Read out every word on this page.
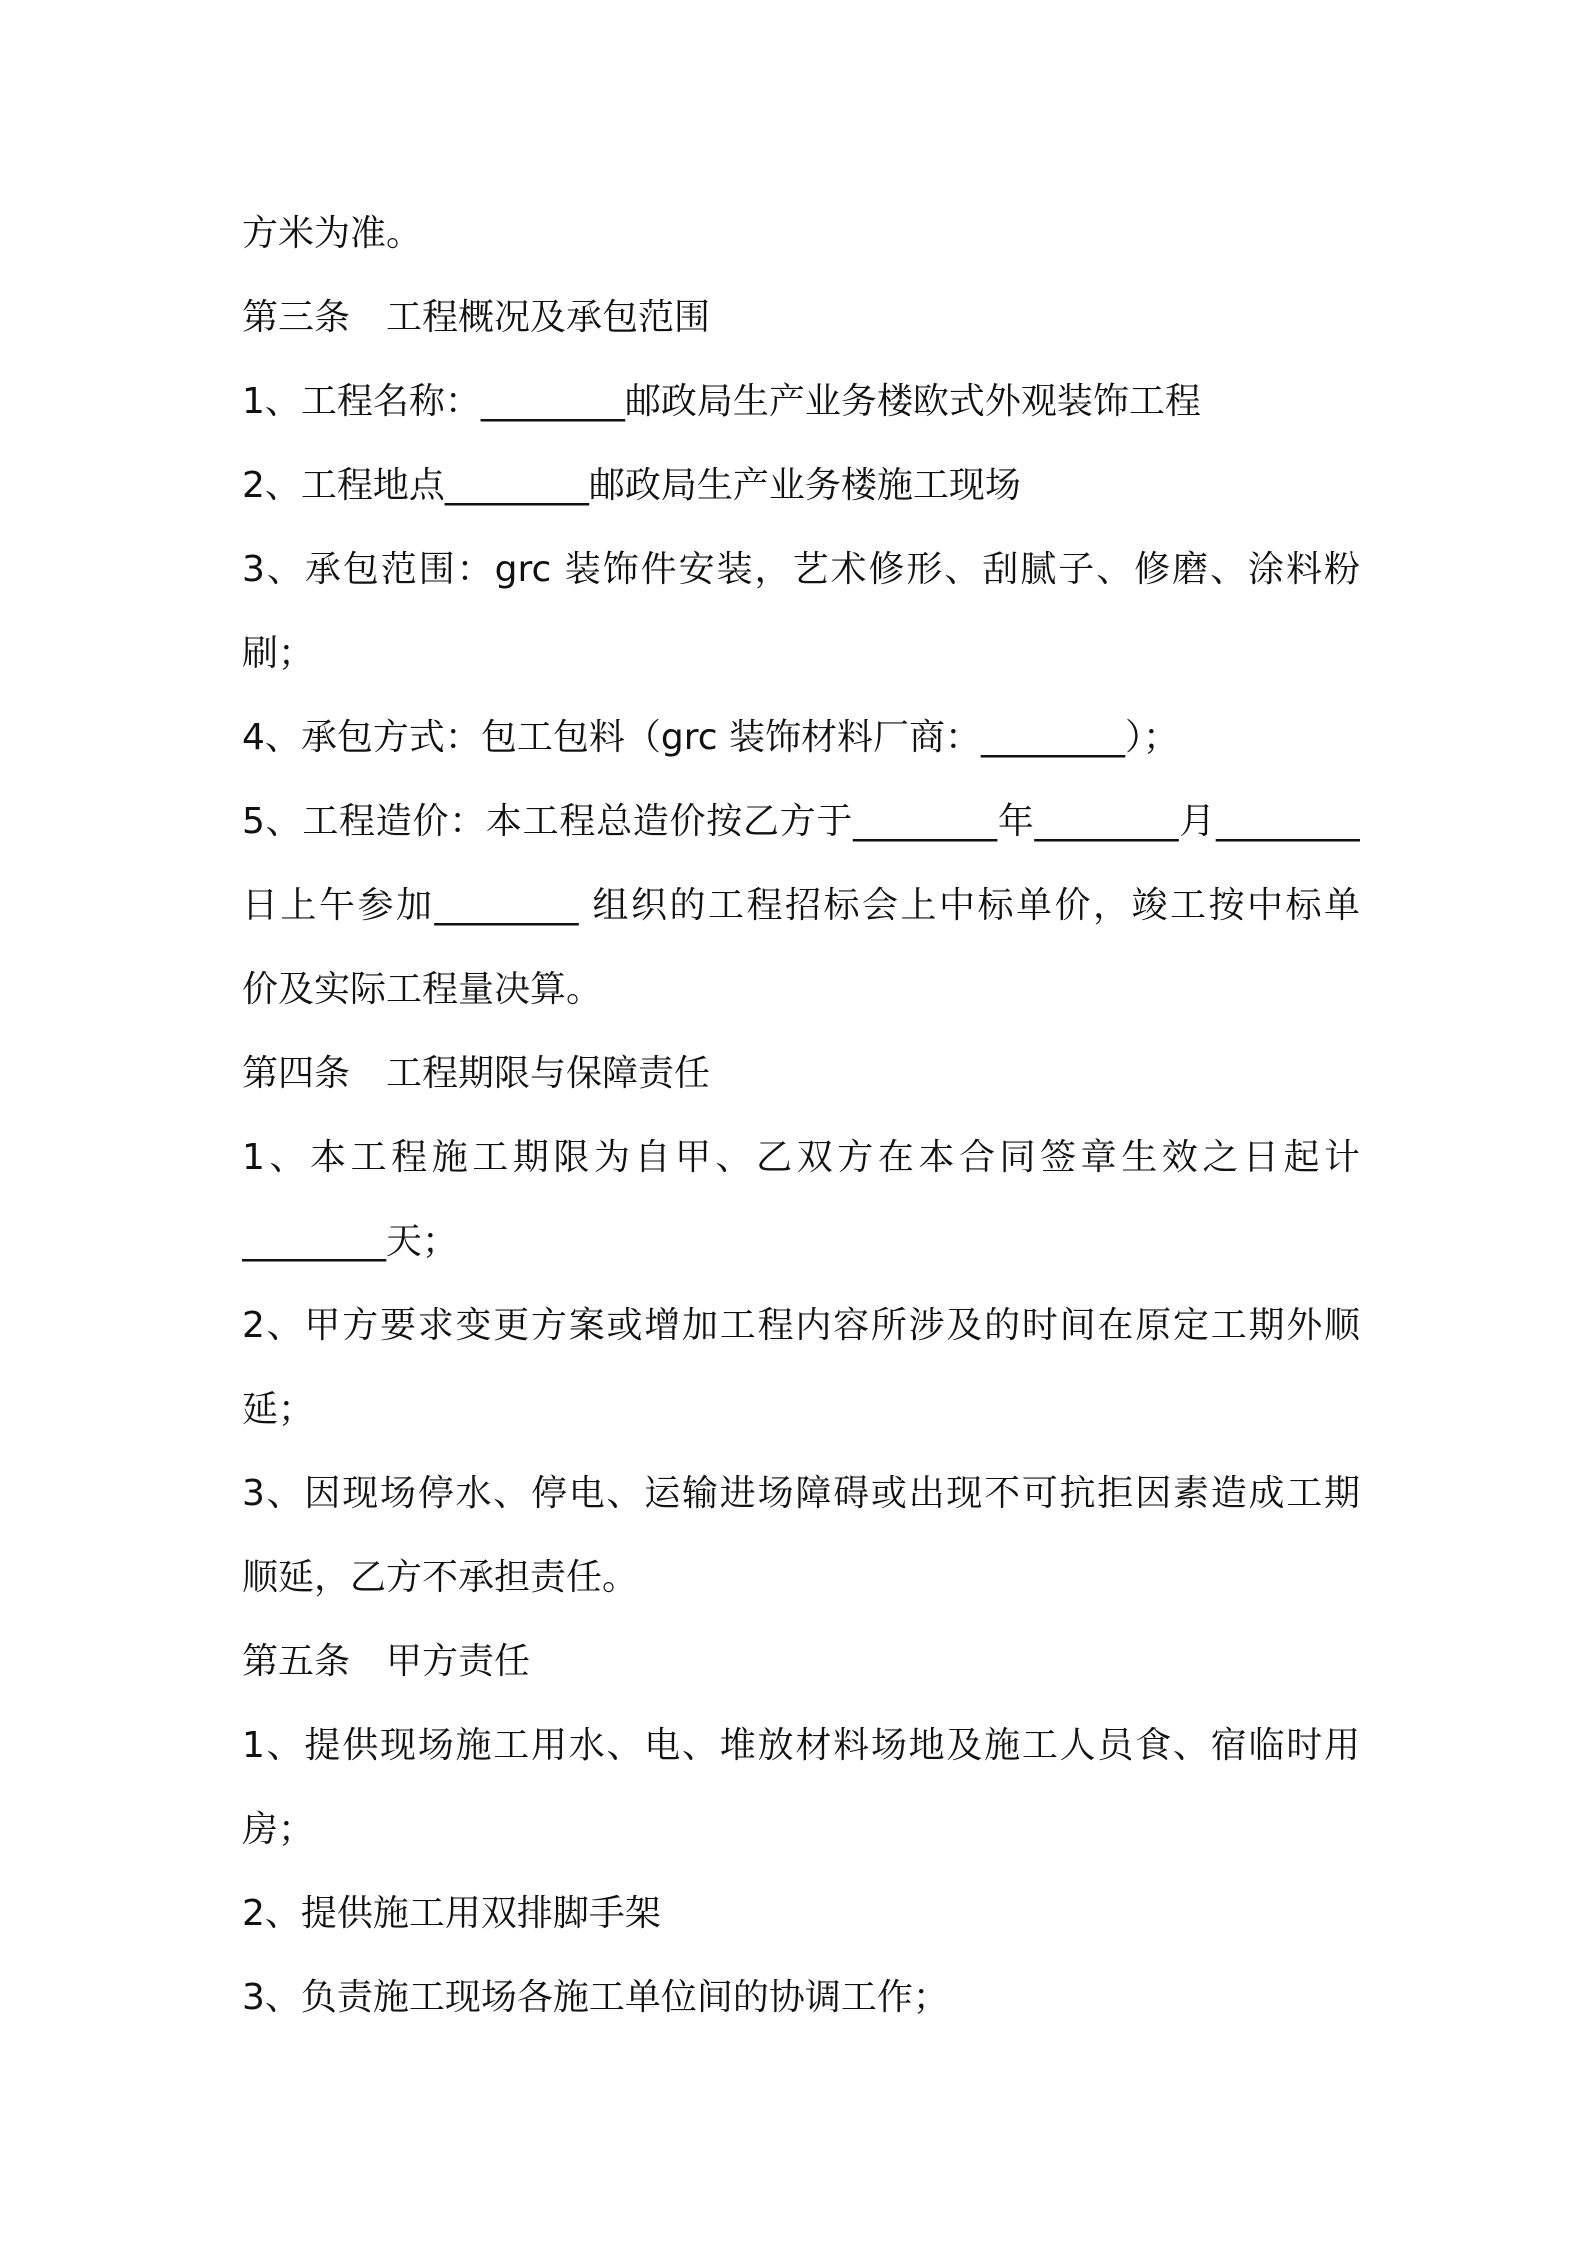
方米为准。

第三条　工程概况及承包范围

1、工程名称：________邮政局生产业务楼欧式外观装饰工程

2、工程地点________邮政局生产业务楼施工现场

3、承包范围：grc 装饰件安装，艺术修形、刮腻子、修磨、涂料粉

刷；

4、承包方式：包工包料（grc 装饰材料厂商：________）；

5、工程造价：本工程总造价按乙方于________年________月________

日上午参加________ 组织的工程招标会上中标单价，竣工按中标单

价及实际工程量决算。

第四条　工程期限与保障责任

1、本工程施工期限为自甲、乙双方在本合同签章生效之日起计

________天；

2、甲方要求变更方案或增加工程内容所涉及的时间在原定工期外顺

延；

3、因现场停水、停电、运输进场障碍或出现不可抗拒因素造成工期

顺延，乙方不承担责任。

第五条　甲方责任

1、提供现场施工用水、电、堆放材料场地及施工人员食、宿临时用

房；

2、提供施工用双排脚手架

3、负责施工现场各施工单位间的协调工作；
